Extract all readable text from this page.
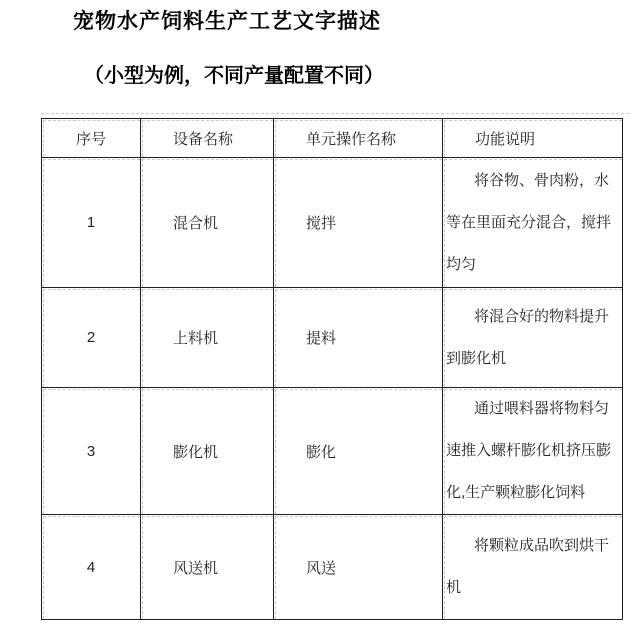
宠物水产饲料生产工艺文字描述
（小型为例，不同产量配置不同）
序号	设备名称	单元操作名称	功能说明
1	混合机	搅拌	将谷物、骨肉粉，水
等在里面充分混合，搅拌
均匀

2	上料机	提料	将混合好的物料提升
到膨化机

3	膨化机	膨化	通过喂料器将物料匀
速推入螺杆膨化机挤压膨
化,生产颗粒膨化饲料

4	风送机	风送	将颗粒成品吹到烘干
机
